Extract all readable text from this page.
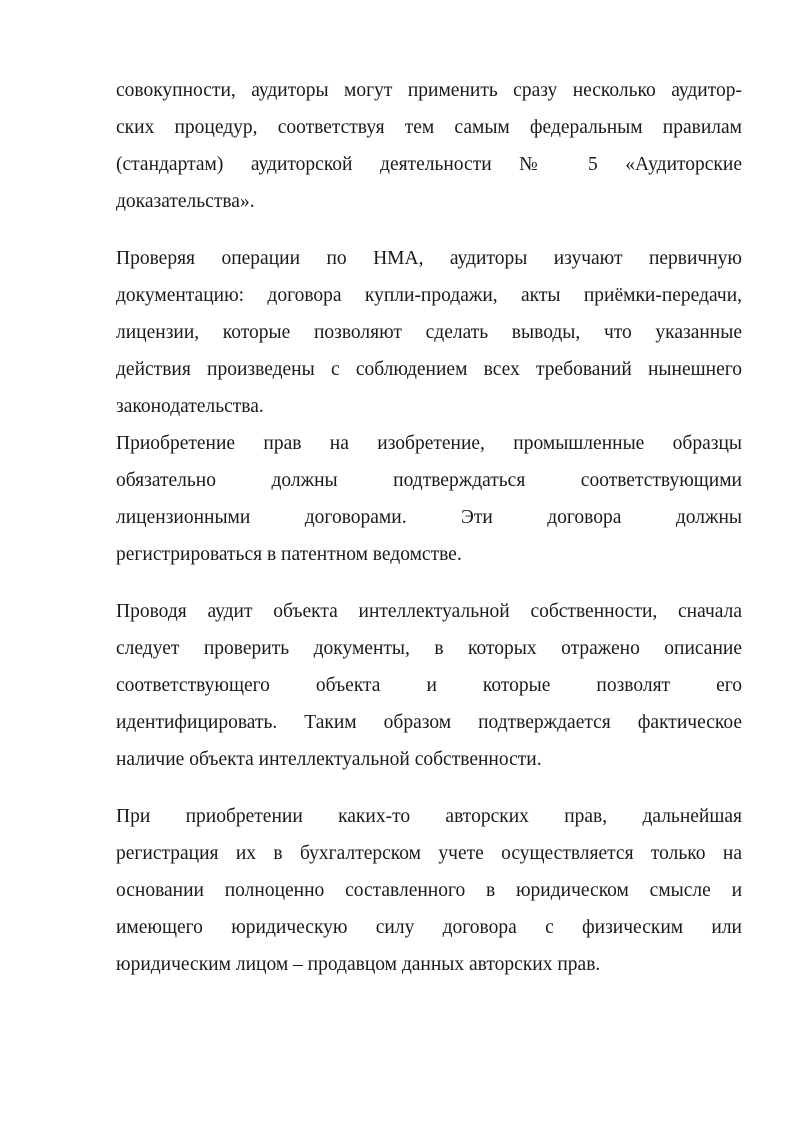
совокупности, аудиторы могут применить сразу несколько аудитор-
ских процедур, соответствуя тем самым федеральным правилам
(стандартам) аудиторской деятельности № 5 «Аудиторские
доказательства».
Проверяя операции по НМА, аудиторы изучают первичную
документацию: договора купли-продажи, акты приёмки-передачи,
лицензии, которые позволяют сделать выводы, что указанные
действия произведены с соблюдением всех требований нынешнего
законодательства.
Приобретение прав на изобретение, промышленные образцы
обязательно должны подтверждаться соответствующими
лицензионными договорами. Эти договора должны
регистрироваться в патентном ведомстве.
Проводя аудит объекта интеллектуальной собственности, сначала
следует проверить документы, в которых отражено описание
соответствующего объекта и которые позволят его
идентифицировать. Таким образом подтверждается фактическое
наличие объекта интеллектуальной собственности.
При приобретении каких-то авторских прав, дальнейшая
регистрация их в бухгалтерском учете осуществляется только на
основании полноценно составленного в юридическом смысле и
имеющего юридическую силу договора с физическим или
юридическим лицом – продавцом данных авторских прав.
